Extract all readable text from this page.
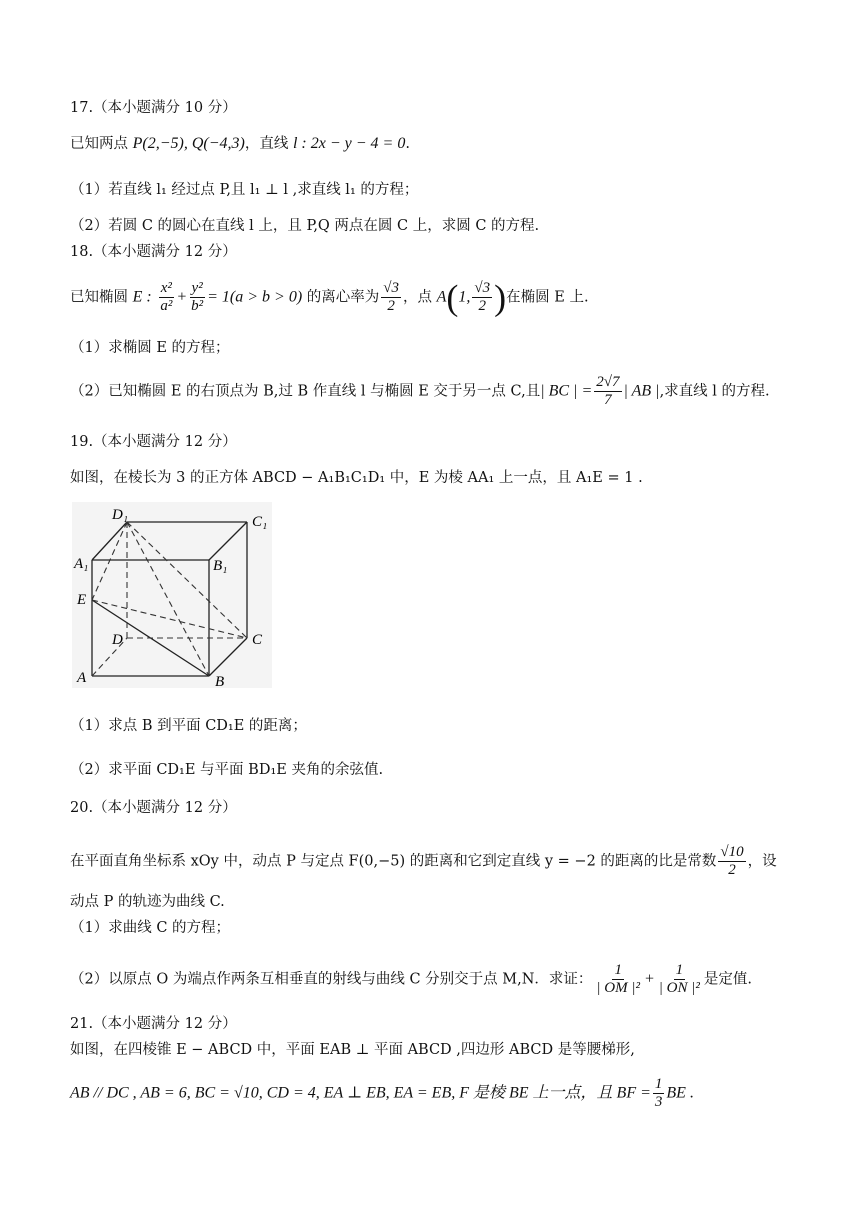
17.（本小题满分 10 分）
已知两点 P(2,−5), Q(−4,3)，直线 l : 2x − y − 4 = 0.
（1）若直线 l₁ 经过点 P,且 l₁ ⊥ l ,求直线 l₁ 的方程；
（2）若圆 C 的圆心在直线 l 上，且 P,Q 两点在圆 C 上，求圆 C 的方程.
18.（本小题满分 12 分）
已知椭圆 E : $\frac{\text{x²}}{\text{a²}} + \frac{\text{y²}}{\text{b²}} = 1(a > b > 0)$ 的离心率为 $\frac{√3}{2}$ ，点 A(1, $\frac{√3}{2}$ )在椭圆 E 上.
（1）求椭圆 E 的方程；
（2）已知椭圆 E 的右顶点为 B,过 B 作直线 l 与椭圆 E 交于另一点 C,且| BC | = $\frac{2√7}{7}$ | AB |,求直线 l 的方程.
19.（本小题满分 12 分）
如图，在棱长为 3 的正方体 ABCD − A₁B₁C₁D₁ 中，E 为棱 AA₁ 上一点，且 A₁E = 1 .
D₁	C₁
A₁	B₁
E
D	C
A	B
（1）求点 B 到平面 CD₁E 的距离；
（2）求平面 CD₁E 与平面 BD₁E 夹角的余弦值.
20.（本小题满分 12 分）
在平面直角坐标系 xOy 中，动点 P 与定点 F(0,−5) 的距离和它到定直线 y = −2 的距离的比是常数 $\frac{√10}{2}$ ，设
动点 P 的轨迹为曲线 C.
（1）求曲线 C 的方程；
（2）以原点 O 为端点作两条互相垂直的射线与曲线 C 分别交于点 M,N．求证： $\frac{1}{\text{| OM |²}} + \frac{1}{\text{| ON |²}}$ 是定值.
21.（本小题满分 12 分）
如图，在四棱锥 E − ABCD 中，平面 EAB ⊥ 平面 ABCD ,四边形 ABCD 是等腰梯形,
AB // DC , AB = 6, BC = √10, CD = 4, EA ⊥ EB, EA = EB, F 是棱 BE 上一点，且 BF = $\frac{1}{3}$ BE .
